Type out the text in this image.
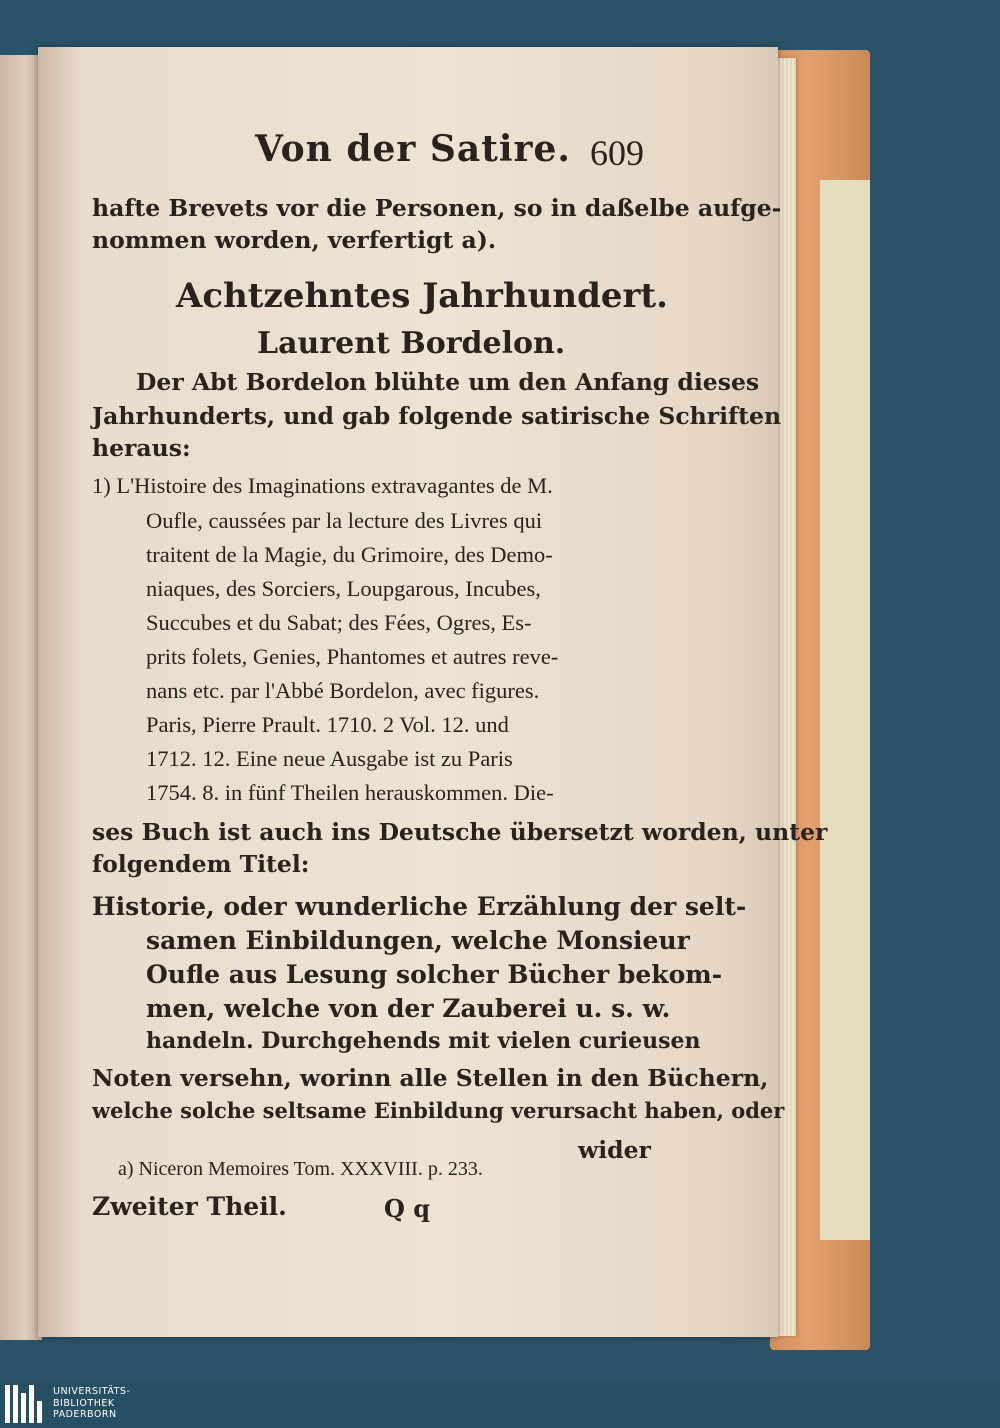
Von der Satire. 609
hafte Brevets vor die Personen, so in daßelbe aufge-
nommen worden, verfertigt a).
Achtzehntes Jahrhundert.
Laurent Bordelon.
Der Abt Bordelon blühte um den Anfang dieses
Jahrhunderts, und gab folgende satirische Schriften
heraus:
1) L'Histoire des Imaginations extravagantes de M.
Oufle, caussées par la lecture des Livres qui
traitent de la Magie, du Grimoire, des Demo-
niaques, des Sorciers, Loupgarous, Incubes,
Succubes et du Sabat; des Fées, Ogres, Es-
prits folets, Genies, Phantomes et autres reve-
nans etc. par l'Abbé Bordelon, avec figures.
Paris, Pierre Prault. 1710. 2 Vol. 12. und
1712. 12. Eine neue Ausgabe ist zu Paris
1754. 8. in fünf Theilen herauskommen. Die-
ses Buch ist auch ins Deutsche übersetzt worden, unter
folgendem Titel:
Historie, oder wunderliche Erzählung der selt-
samen Einbildungen, welche Monsieur
Oufle aus Lesung solcher Bücher bekom-
men, welche von der Zauberei u. s. w.
handeln. Durchgehends mit vielen curieusen
Noten versehn, worinn alle Stellen in den Büchern,
welche solche seltsame Einbildung verursacht haben, oder
wider
a) Niceron Memoires Tom. XXXVIII. p. 233.
Zweiter Theil.	Q q
UNIVERSITÄTS-
BIBLIOTHEK
PADERBORN
